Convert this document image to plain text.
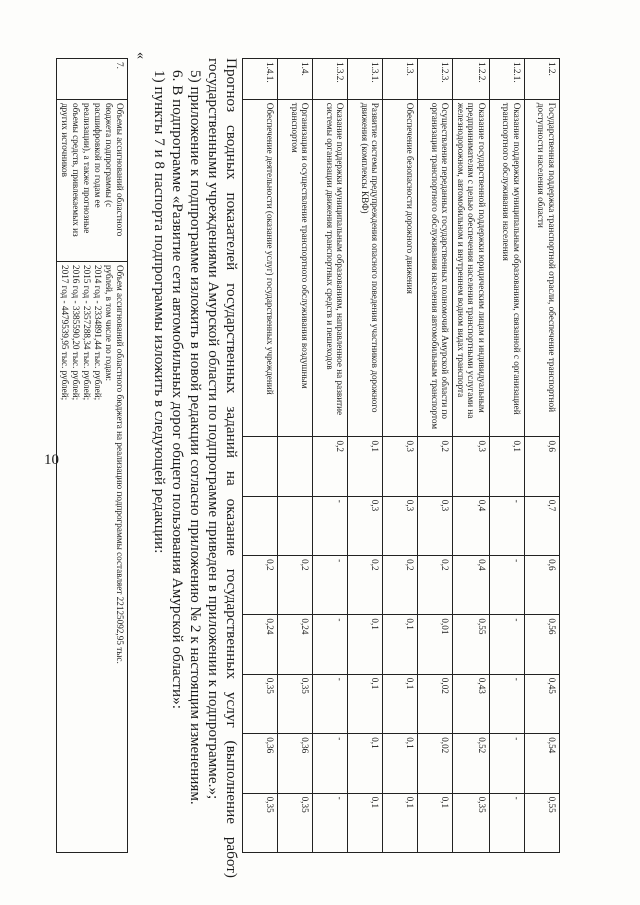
10
1.2.	Государственная поддержка транспортной отрасли, обеспечение транспортной доступности населения области	0,6	0,7	0,6	0,56	0,45	0,54	0,55
1.2.1.	Оказание поддержки муниципальным образованиям, связанной с организацией транспортного обслуживания населения	0,1	-	-	-	-	-	-
1.2.2.	Оказание государственной поддержки юридическим лицам и индивидуальным предпринимателям с целью обеспечения населения транспортными услугами на железнодорожном, автомобильном и внутреннем водном видах транспорта	0,3	0,4	0,4	0,55	0,43	0,52	0,35
1.2.3.	Осуществление переданных государственных полномочий Амурской области по организации транспортного обслуживания населения автомобильным транспортом	0,2	0,3	0,2	0,01	0,02	0,02	0,1
1.3.	Обеспечение безопасности дорожного движения	0,3	0,3	0,2	0,1	0,1	0,1	0,1
1.3.1.	Развитие системы предупреждения опасного поведения участников дорожного движения (комплексы КВФ)	0,1	0,3	0,2	0,1	0,1	0,1	0,1
1.3.2.	Оказание поддержки муниципальным образованиям, направленное на развитие системы организации движения транспортных средств и пешеходов	0,2	-	-	-	-	-	-
1.4.	Организация и осуществление транспортного обслуживания воздушным транспортом			0,2	0,24	0,35	0,36	0,35
1.4.1.	Обеспечение деятельности (оказание услуг) государственных учреждений			0,2	0,24	0,35	0,36	0,35
Прогноз сводных показателей государственных заданий на оказание государственных услуг (выполнение работ)
государственными учреждениями Амурской области по подпрограмме приведен в приложении к подпрограмме.»;
5) приложение к подпрограмме изложить в новой редакции согласно приложению № 2 к настоящим изменениям.
6. В подпрограмме «Развитие сети автомобильных дорог общего пользования Амурской области»:
1) пункты 7 и 8 паспорта подпрограммы изложить в следующей редакции:
«
7.	Объемы ассигнований областного бюджета подпрограммы (с расшифровкой по годам ее реализации), а также прогнозные объемы средств, привлекаемых из других источников	
Объем ассигнований областного бюджета на реализацию подпрограммы составляет 22125092,95 тыс.
рублей, в том числе по годам:
2014 год - 2334891,44 тыс. рублей;
2015 год - 2357288,34 тыс. рублей;
2016 год - 3385590,20 тыс. рублей;
2017 год - 4479539,95 тыс. рублей;
